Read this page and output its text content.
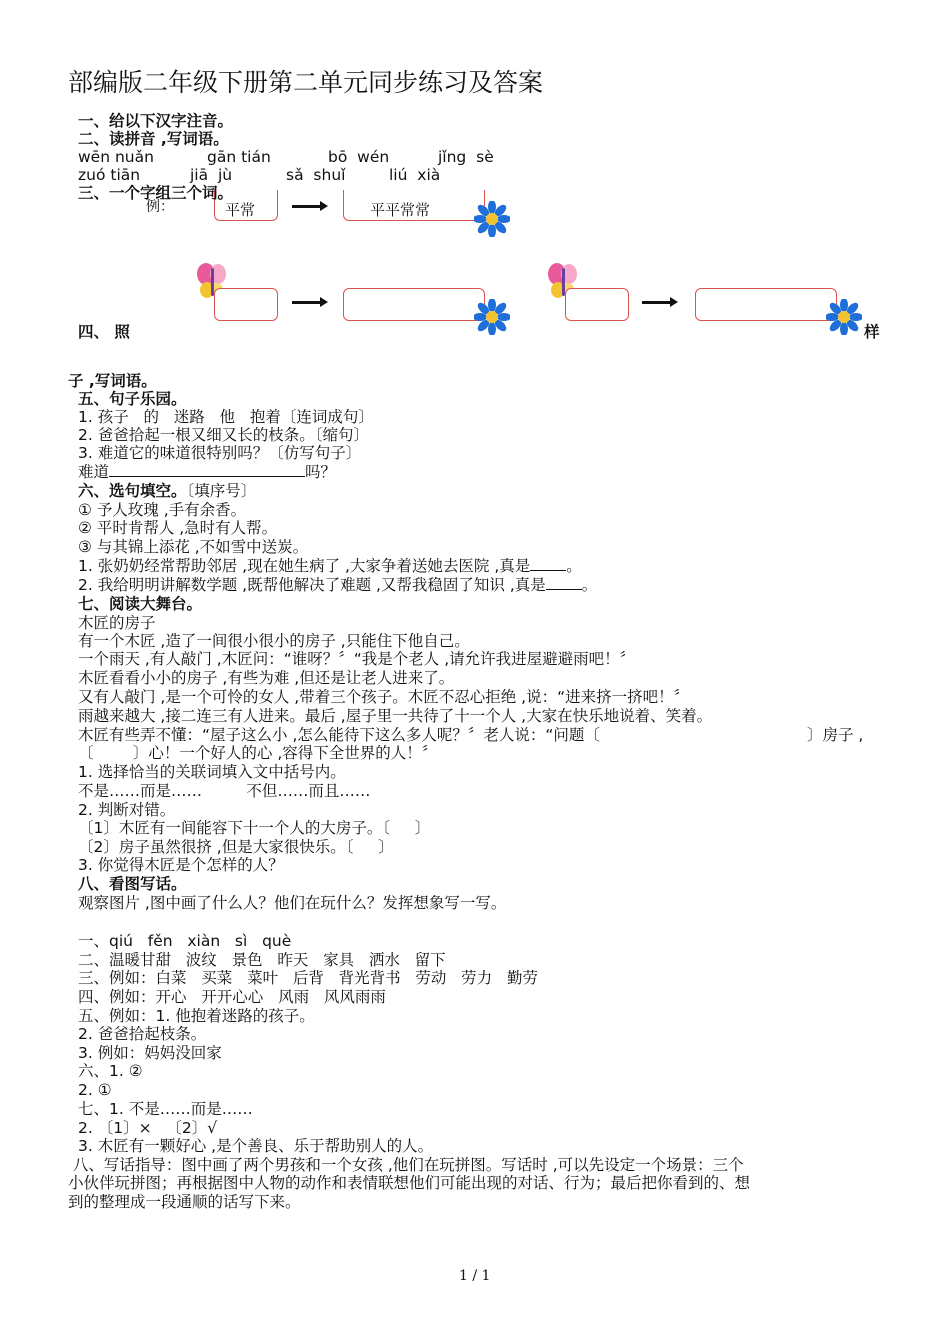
部编版二年级下册第二单元同步练习及答案
一、给以下汉字注音。
二、读拼音 ,写词语。
wēn nuǎn	gān tián	bō  wén	jǐng  sè
zuó tiān	jiā  jù	sǎ  shuǐ	liú  xià
例：	平常	平平常常
三、一个字组三个词。
四、 照	样
子 ,写词语。
五、句子乐园。
1. 孩子   的   迷路   他   抱着〔连词成句〕
2. 爸爸拾起一根又细又长的枝条。〔缩句〕
3. 难道它的味道很特别吗？〔仿写句子〕
难道	吗？
六、选句填空。〔填序号〕
① 予人玫瑰 ,手有余香。
② 平时肯帮人 ,急时有人帮。
③ 与其锦上添花 ,不如雪中送炭。
1. 张奶奶经常帮助邻居 ,现在她生病了 ,大家争着送她去医院 ,真是 。
2. 我给明明讲解数学题 ,既帮他解决了难题 ,又帮我稳固了知识 ,真是 。
七、阅读大舞台。
木匠的房子
有一个木匠 ,造了一间很小很小的房子 ,只能住下他自己。
一个雨天 ,有人敲门 ,木匠问：“谁呀？〞“我是个老人 ,请允许我进屋避避雨吧！〞
木匠看看小小的房子 ,有些为难 ,但还是让老人进来了。
又有人敲门 ,是一个可怜的女人 ,带着三个孩子。木匠不忍心拒绝 ,说：“进来挤一挤吧！〞
雨越来越大 ,接二连三有人进来。最后 ,屋子里一共待了十一个人 ,大家在快乐地说着、笑着。
木匠有些弄不懂：“屋子这么小 ,怎么能待下这么多人呢？〞老人说：“问题〔	〕房子 ,
〔        〕心！一个好人的心 ,容得下全世界的人！〞
1. 选择恰当的关联词填入文中括号内。
不是……而是……         不但……而且……
2. 判断对错。
〔1〕木匠有一间能容下十一个人的大房子。〔     〕
〔2〕房子虽然很挤 ,但是大家很快乐。〔     〕
3. 你觉得木匠是个怎样的人？
八、看图写话。
观察图片 ,图中画了什么人？他们在玩什么？发挥想象写一写。
一、qiú   fěn   xiàn   sì   què
二、温暖甘甜   波纹   景色   昨天   家具   洒水   留下
三、例如：白菜   买菜   菜叶   后背   背光背书   劳动   劳力   勤劳
四、例如：开心   开开心心   风雨   风风雨雨
五、例如：1. 他抱着迷路的孩子。
2. 爸爸拾起枝条。
3. 例如：妈妈没回家
六、1. ②
2. ①
七、1. 不是……而是……
2. 〔1〕×   〔2〕√
3. 木匠有一颗好心 ,是个善良、乐于帮助别人的人。
八、写话指导：图中画了两个男孩和一个女孩 ,他们在玩拼图。写话时 ,可以先设定一个场景：三个
小伙伴玩拼图；再根据图中人物的动作和表情联想他们可能出现的对话、行为；最后把你看到的、想
到的整理成一段通顺的话写下来。
1 / 1
